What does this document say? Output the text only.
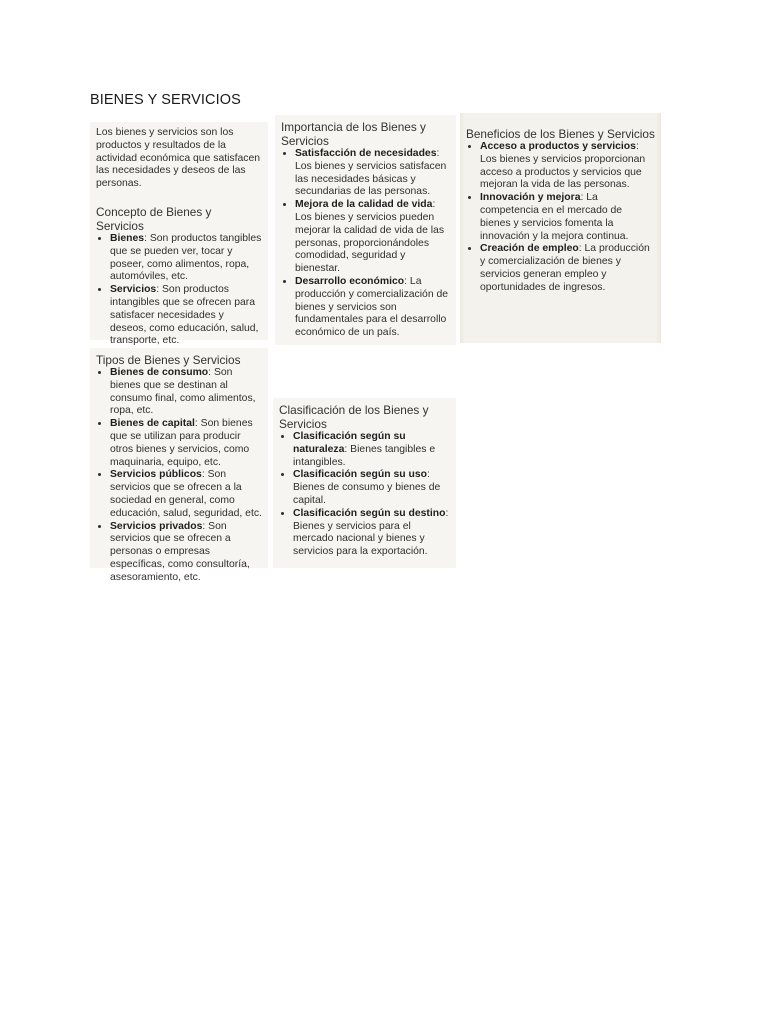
BIENES Y SERVICIOS

Los bienes y servicios son los productos y resultados de la actividad económica que satisfacen las necesidades y deseos de las personas.

Concepto de Bienes y Servicios
• Bienes: Son productos tangibles que se pueden ver, tocar y poseer, como alimentos, ropa, automóviles, etc.
• Servicios: Son productos intangibles que se ofrecen para satisfacer necesidades y deseos, como educación, salud, transporte, etc.
Importancia de los Bienes y Servicios
• Satisfacción de necesidades: Los bienes y servicios satisfacen las necesidades básicas y secundarias de las personas.
• Mejora de la calidad de vida: Los bienes y servicios pueden mejorar la calidad de vida de las personas, proporcionándoles comodidad, seguridad y bienestar.
• Desarrollo económico: La producción y comercialización de bienes y servicios son fundamentales para el desarrollo económico de un país.
Beneficios de los Bienes y Servicios
• Acceso a productos y servicios: Los bienes y servicios proporcionan acceso a productos y servicios que mejoran la vida de las personas.
• Innovación y mejora: La competencia en el mercado de bienes y servicios fomenta la innovación y la mejora continua.
• Creación de empleo: La producción y comercialización de bienes y servicios generan empleo y oportunidades de ingresos.
Tipos de Bienes y Servicios
• Bienes de consumo: Son bienes que se destinan al consumo final, como alimentos, ropa, etc.
• Bienes de capital: Son bienes que se utilizan para producir otros bienes y servicios, como maquinaria, equipo, etc.
• Servicios públicos: Son servicios que se ofrecen a la sociedad en general, como educación, salud, seguridad, etc.
• Servicios privados: Son servicios que se ofrecen a personas o empresas específicas, como consultoría, asesoramiento, etc.
Clasificación de los Bienes y Servicios
• Clasificación según su naturaleza: Bienes tangibles e intangibles.
• Clasificación según su uso: Bienes de consumo y bienes de capital.
• Clasificación según su destino: Bienes y servicios para el mercado nacional y bienes y servicios para la exportación.
